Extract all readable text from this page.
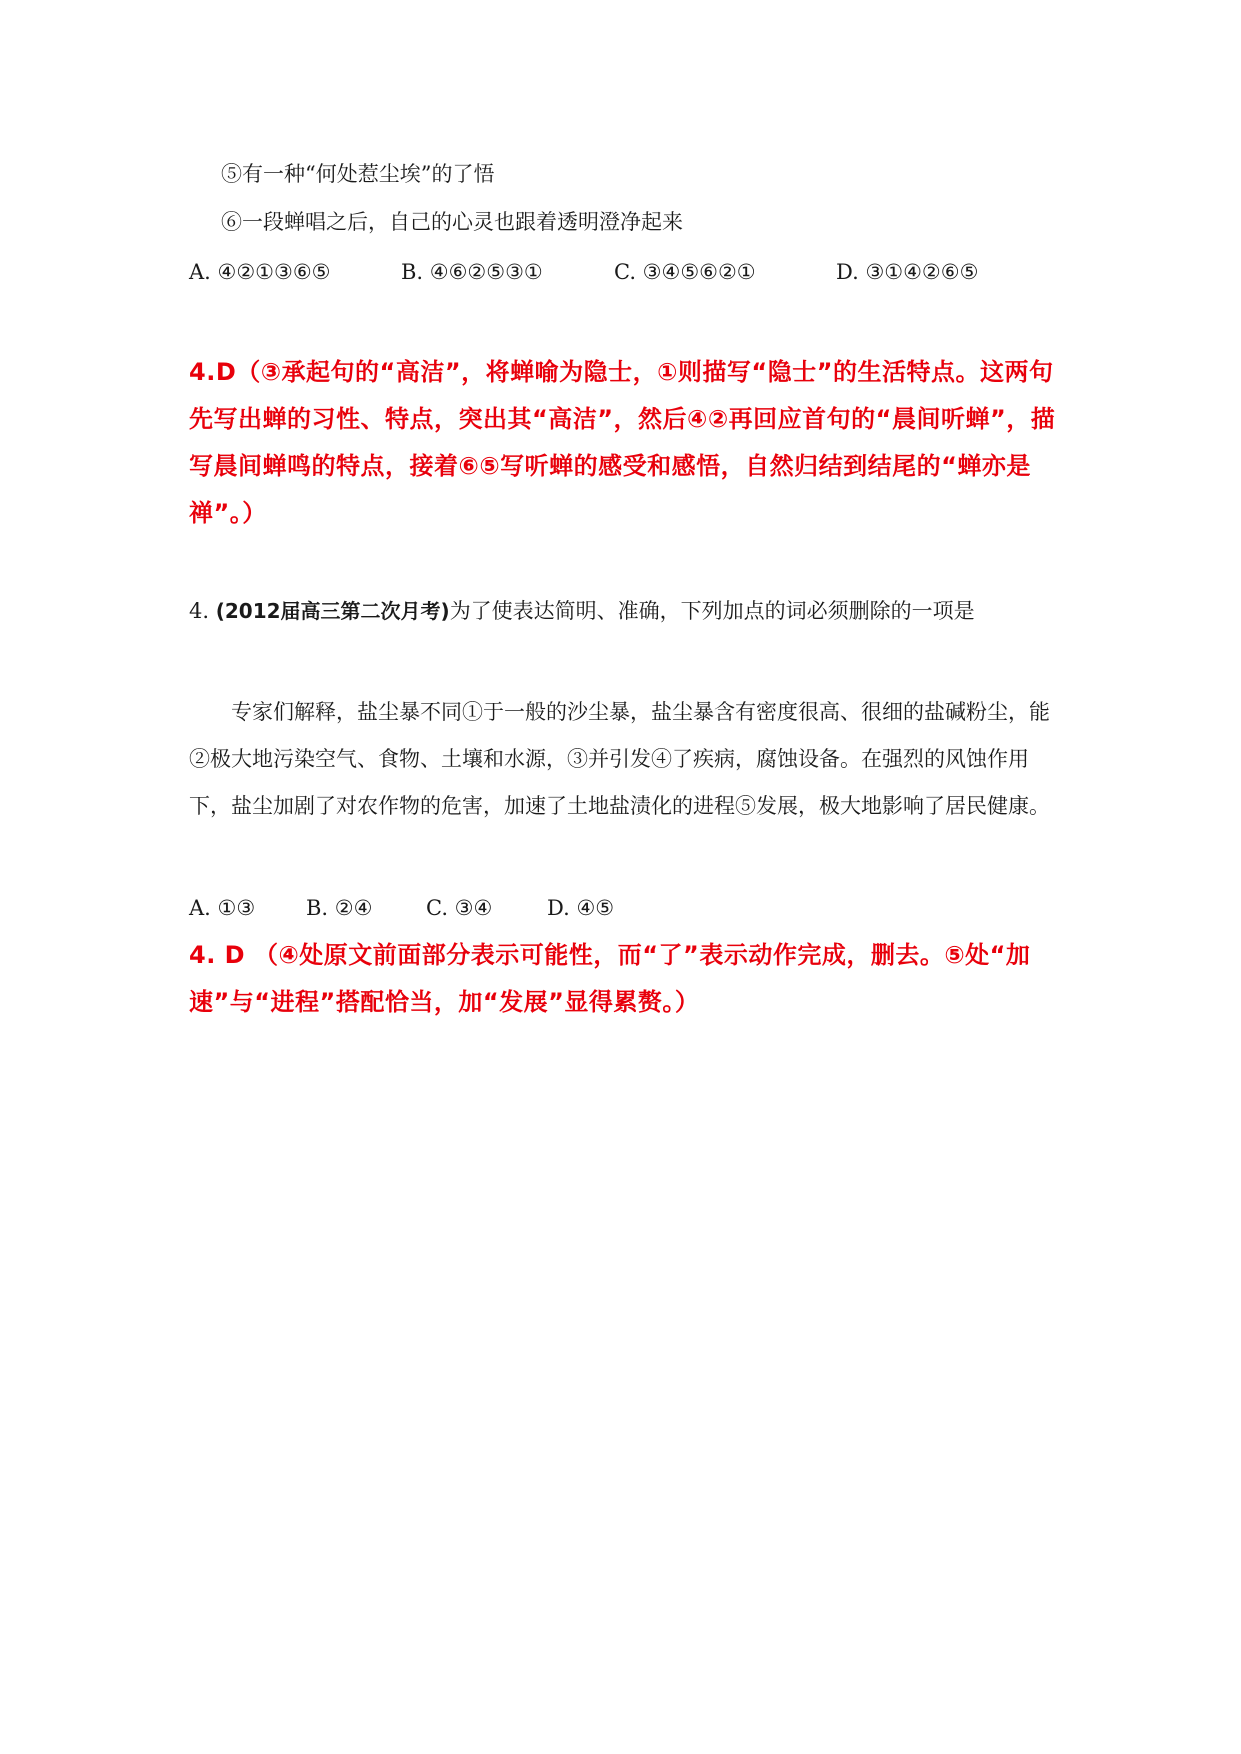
⑤有一种“何处惹尘埃”的了悟
⑥一段蝉唱之后，自己的心灵也跟着透明澄净起来
A. ④②①③⑥⑤	B. ④⑥②⑤③①	C. ③④⑤⑥②①	D. ③①④②⑥⑤
4.D（③承起句的“高洁”，将蝉喻为隐士，①则描写“隐士”的生活特点。这两句先写出蝉的习性、特点，突出其“高洁”，然后④②再回应首句的“晨间听蝉”，描写晨间蝉鸣的特点，接着⑥⑤写听蝉的感受和感悟，自然归结到结尾的“蝉亦是禅”。）
4. (2012届高三第二次月考)为了使表达简明、准确，下列加点的词必须删除的一项是
专家们解释，盐尘暴不同①于一般的沙尘暴，盐尘暴含有密度很高、很细的盐碱粉尘，能②极大地污染空气、食物、土壤和水源，③并引发④了疾病，腐蚀设备。在强烈的风蚀作用下，盐尘加剧了对农作物的危害，加速了土地盐渍化的进程⑤发展，极大地影响了居民健康。
A. ①③ B. ②④	C. ③④	D. ④⑤
4. D （④处原文前面部分表示可能性，而“了”表示动作完成，删去。⑤处“加速”与“进程”搭配恰当，加“发展”显得累赘。）
